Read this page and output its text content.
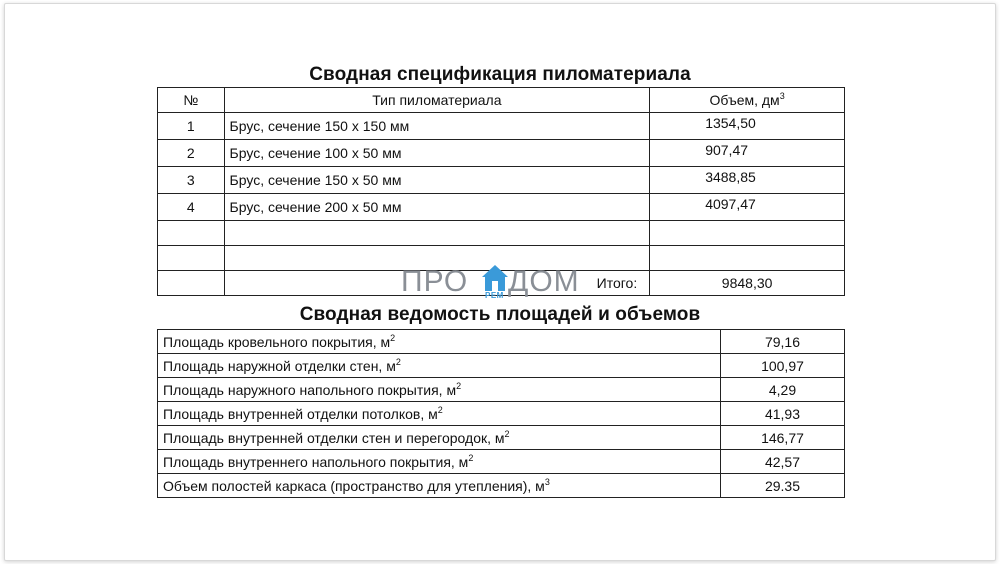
Сводная спецификация пиломатериала
№	Тип пиломатериала	Объем, $дм^3$
1	Брус, сечение 150 х 150 мм	1354,50
2	Брус, сечение 100 х 50 мм	907,47
3	Брус, сечение 150 х 50 мм	3488,85
4	Брус, сечение 200 х 50 мм	4097,47

	Итого:	9848,30
ПРО РЕМ ДОМ
Сводная ведомость площадей и объемов
Площадь кровельного покрытия, $м^2$	79,16
Площадь наружной отделки стен, $м^2$	100,97
Площадь наружного напольного покрытия, $м^2$	4,29
Площадь внутренней отделки потолков, $м^2$	41,93
Площадь внутренней отделки стен и перегородок, $м^2$	146,77
Площадь внутреннего напольного покрытия, $м^2$	42,57
Объем полостей каркаса (пространство для утепления), $м^3$	29.35
